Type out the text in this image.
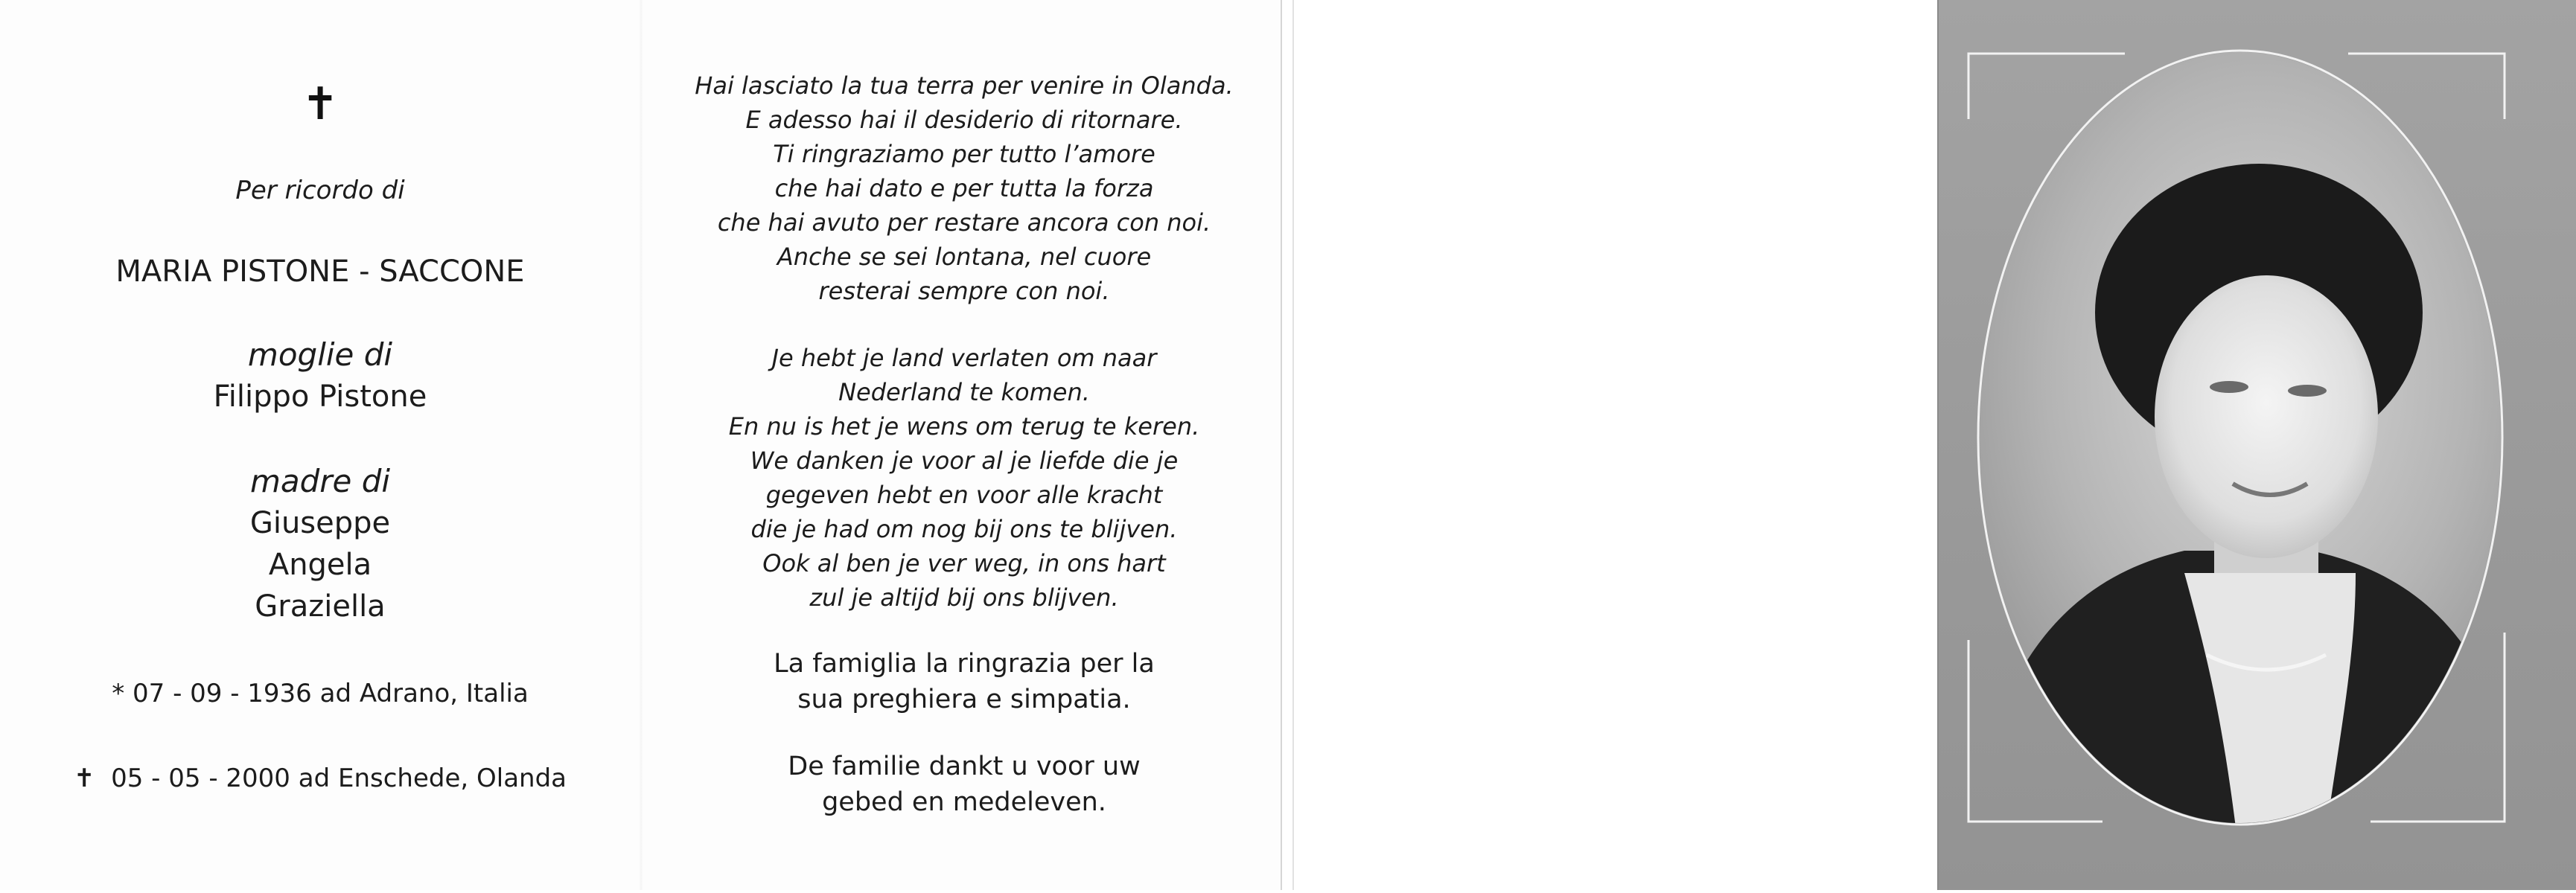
✝
Per ricordo di
MARIA PISTONE - SACCONE
moglie di
Filippo Pistone
madre di
Giuseppe
Angela
Graziella
* 07 - 09 - 1936 ad Adrano, Italia
✝ 05 - 05 - 2000 ad Enschede, Olanda
Hai lasciato la tua terra per venire in Olanda.
E adesso hai il desiderio di ritornare.
Ti ringraziamo per tutto l’amore
che hai dato e per tutta la forza
che hai avuto per restare ancora con noi.
Anche se sei lontana, nel cuore
resterai sempre con noi.
Je hebt je land verlaten om naar
Nederland te komen.
En nu is het je wens om terug te keren.
We danken je voor al je liefde die je
gegeven hebt en voor alle kracht
die je had om nog bij ons te blijven.
Ook al ben je ver weg, in ons hart
zul je altijd bij ons blijven.
La famiglia la ringrazia per la
sua preghiera e simpatia.
De familie dankt u voor uw
gebed en medeleven.
